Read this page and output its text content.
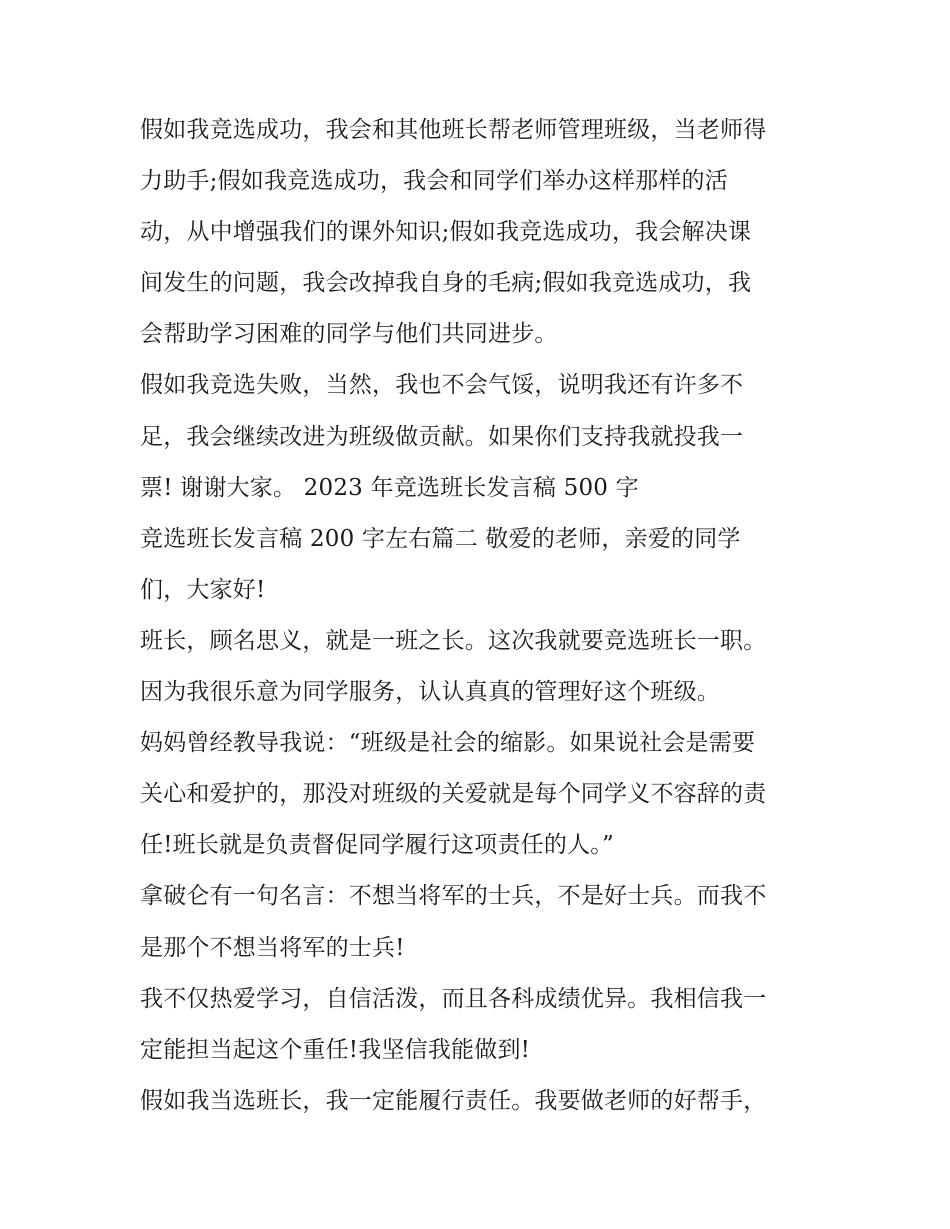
假如我竞选成功，我会和其他班长帮老师管理班级，当老师得
力助手;假如我竞选成功，我会和同学们举办这样那样的活
动，从中增强我们的课外知识;假如我竞选成功，我会解决课
间发生的问题，我会改掉我自身的毛病;假如我竞选成功，我
会帮助学习困难的同学与他们共同进步。
假如我竞选失败，当然，我也不会气馁，说明我还有许多不
足，我会继续改进为班级做贡献。如果你们支持我就投我一
票! 谢谢大家。 2023 年竞选班长发言稿 500 字
竞选班长发言稿 200 字左右篇二 敬爱的老师，亲爱的同学
们，大家好!
班长，顾名思义，就是一班之长。这次我就要竞选班长一职。
因为我很乐意为同学服务，认认真真的管理好这个班级。
妈妈曾经教导我说：“班级是社会的缩影。如果说社会是需要
关心和爱护的，那没对班级的关爱就是每个同学义不容辞的责
任!班长就是负责督促同学履行这项责任的人。”
拿破仑有一句名言：不想当将军的士兵，不是好士兵。而我不
是那个不想当将军的士兵!
我不仅热爱学习，自信活泼，而且各科成绩优异。我相信我一
定能担当起这个重任!我坚信我能做到!
假如我当选班长，我一定能履行责任。我要做老师的好帮手，
